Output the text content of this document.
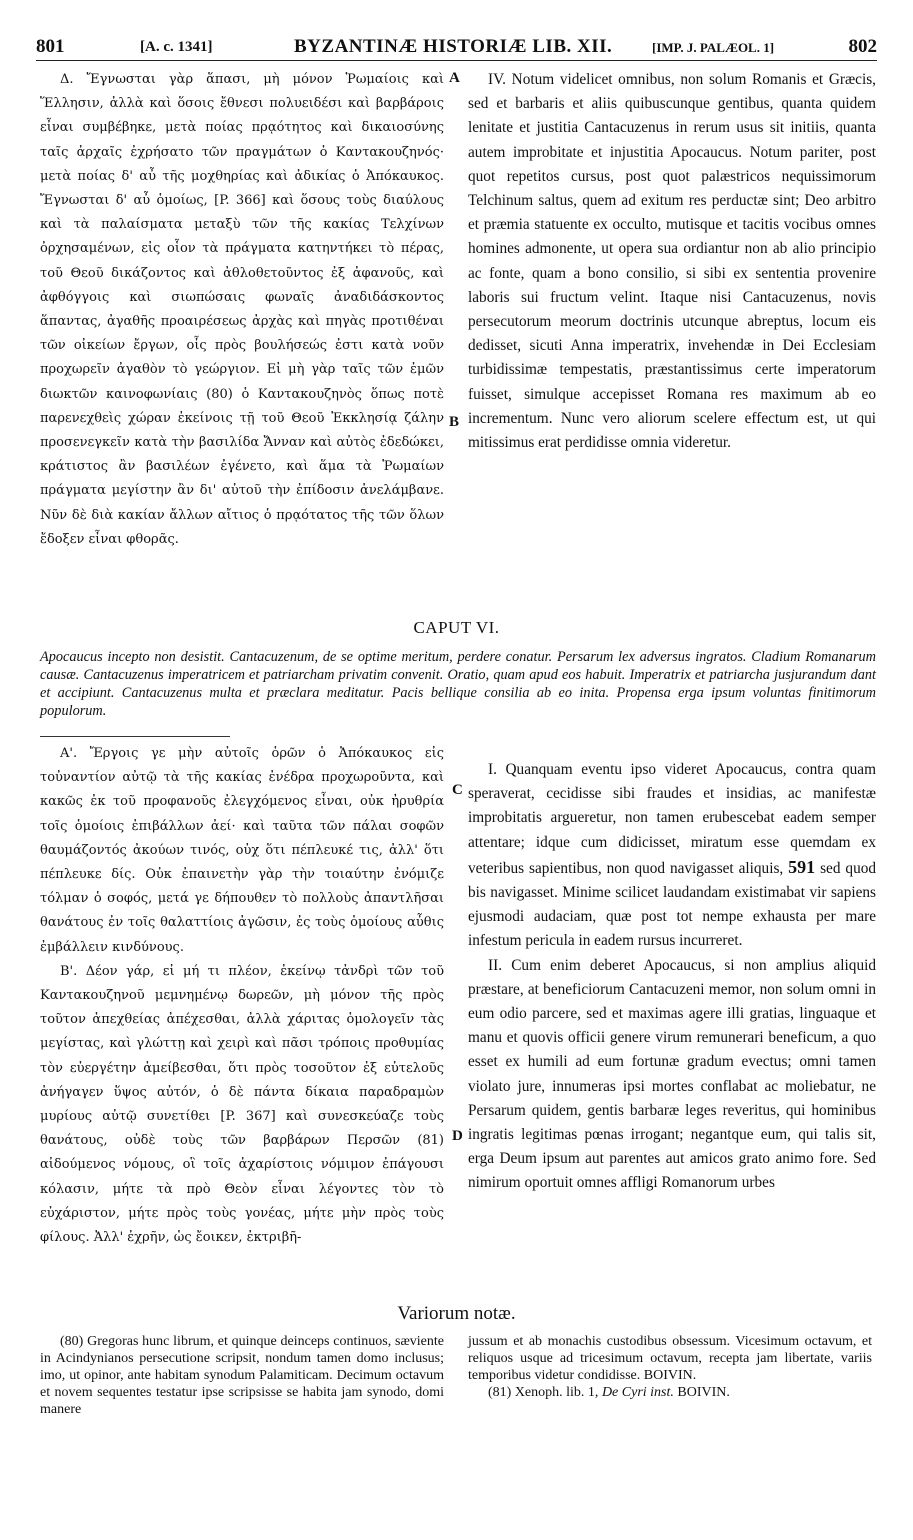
801	[A. c. 1341]	BYZANTINÆ HISTORIÆ LIB. XII.	[IMP. J. PALÆOL. 1]	802

Δ. Ἔγνωσται γὰρ ἅπασι, μὴ μόνον Ῥωμαίοις καὶ Ἕλλησιν, ἀλλὰ καὶ ὅσοις ἔθνεσι πολυειδέσι καὶ βαρβάροις εἶναι συμβέβηκε, μετὰ ποίας πρᾳότητος καὶ δικαιοσύνης ταῖς ἀρχαῖς ἐχρήσατο τῶν πραγμάτων ὁ Καντακουζηνός· μετὰ ποίας δ' αὖ τῆς μοχθηρίας καὶ ἀδικίας ὁ Ἀπόκαυκος. Ἔγνωσται δ' αὖ ὁμοίως, [P. 366] καὶ ὅσους τοὺς διαύλους καὶ τὰ παλαίσματα μεταξὺ τῶν τῆς κακίας Τελχίνων ὀρχησαμένων, εἰς οἷον τὰ πράγματα κατηντήκει τὸ πέρας, τοῦ Θεοῦ δικάζοντος καὶ ἀθλοθετοῦντος ἐξ ἀφανοῦς, καὶ ἀφθόγγοις καὶ σιωπώσαις φωναῖς ἀναδιδάσκοντος ἅπαντας, ἀγαθῆς προαιρέσεως ἀρχὰς καὶ πηγὰς προτιθέναι τῶν οἰκείων ἔργων, οἷς πρὸς βουλήσεώς ἐστι κατὰ νοῦν προχωρεῖν ἀγαθὸν τὸ γεώργιον. Εἰ μὴ γὰρ ταῖς τῶν ἐμῶν διωκτῶν καινοφωνίαις (80) ὁ Καντακουζηνὸς ὅπως ποτὲ παρενεχθεὶς χώραν ἐκείνοις τῇ τοῦ Θεοῦ Ἐκκλησίᾳ ζάλην προσενεγκεῖν κατὰ τὴν βασιλίδα Ἄνναν καὶ αὐτὸς ἐδεδώκει, κράτιστος ἂν βασιλέων ἐγένετο, καὶ ἅμα τὰ Ῥωμαίων πράγματα μεγίστην ἂν δι' αὐτοῦ τὴν ἐπίδοσιν ἀνελάμβανε. Νῦν δὲ διὰ κακίαν ἄλλων αἴτιος ὁ πρᾳότατος τῆς τῶν ὅλων ἔδοξεν εἶναι φθορᾶς.

IV. Notum videlicet omnibus, non solum Romanis et Græcis, sed et barbaris et aliis quibuscunque gentibus, quanta quidem lenitate et justitia Cantacuzenus in rerum usus sit initiis, quanta autem improbitate et injustitia Apocaucus. Notum pariter, post quot repetitos cursus, post quot palæstricos nequissimorum Telchinum saltus, quem ad exitum res perductæ sint; Deo arbitro et præmia statuente ex occulto, mutisque et tacitis vocibus omnes homines admonente, ut opera sua ordiantur non ab alio principio ac fonte, quam a bono consilio, si sibi ex sententia provenire laboris sui fructum velint. Itaque nisi Cantacuzenus, novis persecutorum meorum doctrinis utcunque abreptus, locum eis dedisset, sicuti Anna imperatrix, invehendæ in Dei Ecclesiam turbidissimæ tempestatis, præstantissimus certe imperatorum fuisset, simulque accepisset Romana res maximum ab eo incrementum. Nunc vero aliorum scelere effectum est, ut qui mitissimus erat perdidisse omnia videretur.

A
B
CAPUT VI.

Apocaucus incepto non desistit. Cantacuzenum, de se optime meritum, perdere conatur. Persarum lex adversus ingratos. Cladium Romanarum causæ. Cantacuzenus imperatricem et patriarcham privatim convenit. Oratio, quam apud eos habuit. Imperatrix et patriarcha jusjurandum dant et accipiunt. Cantacuzenus multa et præclara meditatur. Pacis bellique consilia ab eo inita. Propensa erga ipsum voluntas finitimorum populorum.

Α'. Ἔργοις γε μὴν αὐτοῖς ὁρῶν ὁ Ἀπόκαυκος εἰς τοὐναντίον αὐτῷ τὰ τῆς κακίας ἐνέδρα προχωροῦντα, καὶ κακῶς ἐκ τοῦ προφανοῦς ἐλεγχόμενος εἶναι, οὐκ ἠρυθρία τοῖς ὁμοίοις ἐπιβάλλων ἀεί· καὶ ταῦτα τῶν πάλαι σοφῶν θαυμάζοντός ἀκούων τινός, οὐχ ὅτι πέπλευκέ τις, ἀλλ' ὅτι πέπλευκε δίς. Οὐκ ἐπαινετὴν γὰρ τὴν τοιαύτην ἐνόμιζε τόλμαν ὁ σοφός, μετά γε δήπουθεν τὸ πολλοὺς ἀπαντλῆσαι θανάτους ἐν τοῖς θαλαττίοις ἀγῶσιν, ἐς τοὺς ὁμοίους αὖθις ἐμβάλλειν κινδύνους.

Β'. Δέον γάρ, εἰ μή τι πλέον, ἐκείνῳ τἀνδρὶ τῶν τοῦ Καντακουζηνοῦ μεμνημένῳ δωρεῶν, μὴ μόνον τῆς πρὸς τοῦτον ἀπεχθείας ἀπέχεσθαι, ἀλλὰ χάριτας ὁμολογεῖν τὰς μεγίστας, καὶ γλώττῃ καὶ χειρὶ καὶ πᾶσι τρόποις προθυμίας τὸν εὐεργέτην ἀμείβεσθαι, ὅτι πρὸς τοσοῦτον ἐξ εὐτελοῦς ἀνήγαγεν ὕψος αὐτόν, ὁ δὲ πάντα δίκαια παραδραμὼν μυρίους αὐτῷ συνετίθει [P. 367] καὶ συνεσκεύαζε τοὺς θανάτους, οὐδὲ τοὺς τῶν βαρβάρων Περσῶν (81) αἰδούμενος νόμους, οἳ τοῖς ἀχαρίστοις νόμιμον ἐπάγουσι κόλασιν, μήτε τὰ πρὸ Θεὸν εἶναι λέγοντες τὸν τὸ εὐχάριστον, μήτε πρὸς τοὺς γονέας, μήτε μὴν πρὸς τοὺς φίλους. Ἀλλ' ἐχρῆν, ὡς ἔοικεν, ἐκτριβῆ-

I. Quanquam eventu ipso videret Apocaucus, contra quam speraverat, cecidisse sibi fraudes et insidias, ac manifestæ improbitatis argueretur, non tamen erubescebat eadem semper attentare; idque cum didicisset, miratum esse quemdam ex veteribus sapientibus, non quod navigasset aliquis, 591 sed quod bis navigasset. Minime scilicet laudandam existimabat vir sapiens ejusmodi audaciam, quæ post tot nempe exhausta per mare infestum pericula in eadem rursus incurreret.

II. Cum enim deberet Apocaucus, si non amplius aliquid præstare, at beneficiorum Cantacuzeni memor, non solum omni in eum odio parcere, sed et maximas agere illi gratias, linguaque et manu et quovis officii genere virum remunerari beneficum, a quo esset ex humili ad eum fortunæ gradum evectus; omni tamen violato jure, innumeras ipsi mortes conflabat ac moliebatur, ne Persarum quidem, gentis barbaræ leges reveritus, qui hominibus ingratis legitimas pœnas irrogant; negantque eum, qui talis sit, erga Deum ipsum aut parentes aut amicos grato animo fore. Sed nimirum oportuit omnes affligi Romanorum urbes

C
D
Variorum notæ.

(80) Gregoras hunc librum, et quinque deinceps continuos, sæviente in Acindynianos persecutione scripsit, nondum tamen domo inclusus; imo, ut opinor, ante habitam synodum Palamiticam. Decimum octavum et novem sequentes testatur ipse scripsisse se habita jam synodo, domi manere

jussum et ab monachis custodibus obsessum. Vicesimum octavum, et reliquos usque ad tricesimum octavum, recepta jam libertate, variis temporibus videtur condidisse. BOIVIN.

(81) Xenoph. lib. 1, De Cyri inst. BOIVIN.
